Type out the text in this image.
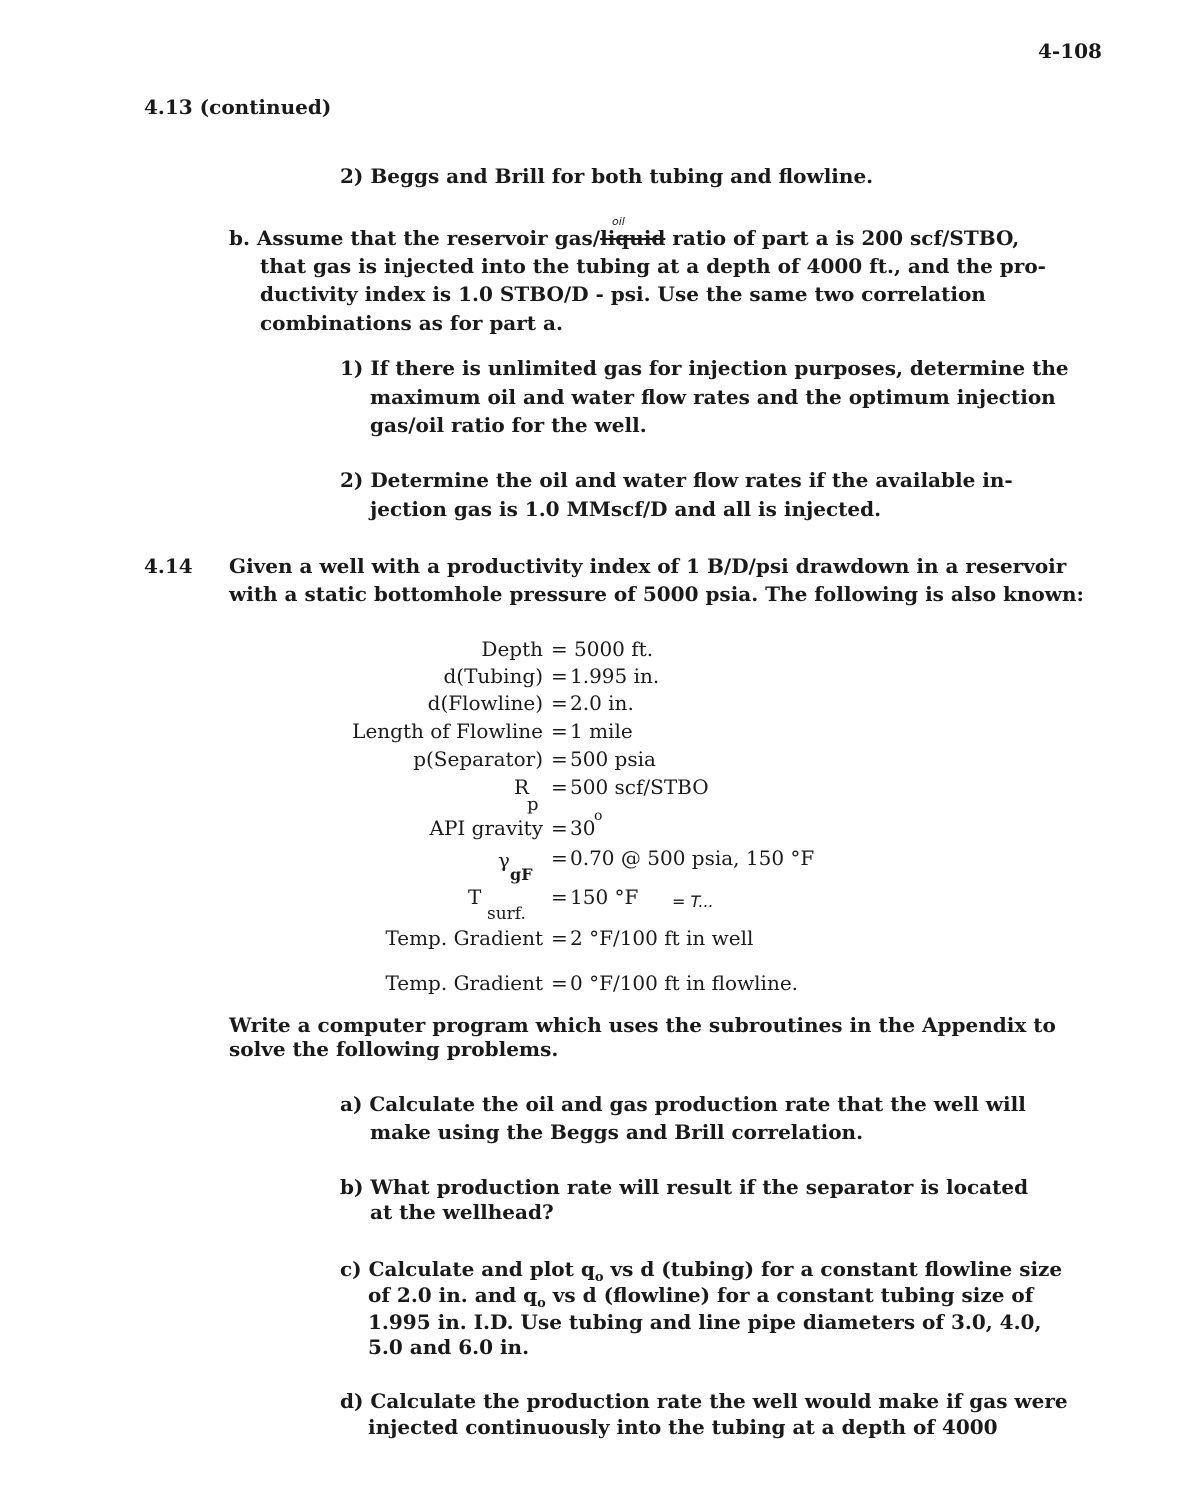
4-108
4.13 (continued)
2) Beggs and Brill for both tubing and flowline.
b. Assume that the reservoir gas/liquid ratio of part a is 200 scf/STBO,
oil
that gas is injected into the tubing at a depth of 4000 ft., and the pro-
ductivity index is 1.0 STBO/D - psi. Use the same two correlation
combinations as for part a.
1) If there is unlimited gas for injection purposes, determine the
maximum oil and water flow rates and the optimum injection
gas/oil ratio for the well.
2) Determine the oil and water flow rates if the available in-
jection gas is 1.0 MMscf/D and all is injected.
4.14 Given a well with a productivity index of 1 B/D/psi drawdown in a reservoir
with a static bottomhole pressure of 5000 psia. The following is also known:
Depth = 5000 ft.
d(Tubing) = 1.995 in.
d(Flowline) = 2.0 in.
Length of Flowline = 1 mile
p(Separator) = 500 psia
R
p
= 500 scf/STBO
API gravity = 30
o
γ
gF
= 0.70 @ 500 psia, 150 °F
T
surf.
= 150 °F = T...
Temp. Gradient = 2 °F/100 ft in well
Temp. Gradient = 0 °F/100 ft in flowline.
Write a computer program which uses the subroutines in the Appendix to
solve the following problems.
a) Calculate the oil and gas production rate that the well will
make using the Beggs and Brill correlation.
b) What production rate will result if the separator is located
at the wellhead?
c) Calculate and plot $q_o$ vs d (tubing) for a constant flowline size
of 2.0 in. and $q_o$ vs d (flowline) for a constant tubing size of
1.995 in. I.D. Use tubing and line pipe diameters of 3.0, 4.0,
5.0 and 6.0 in.
d) Calculate the production rate the well would make if gas were
injected continuously into the tubing at a depth of 4000
